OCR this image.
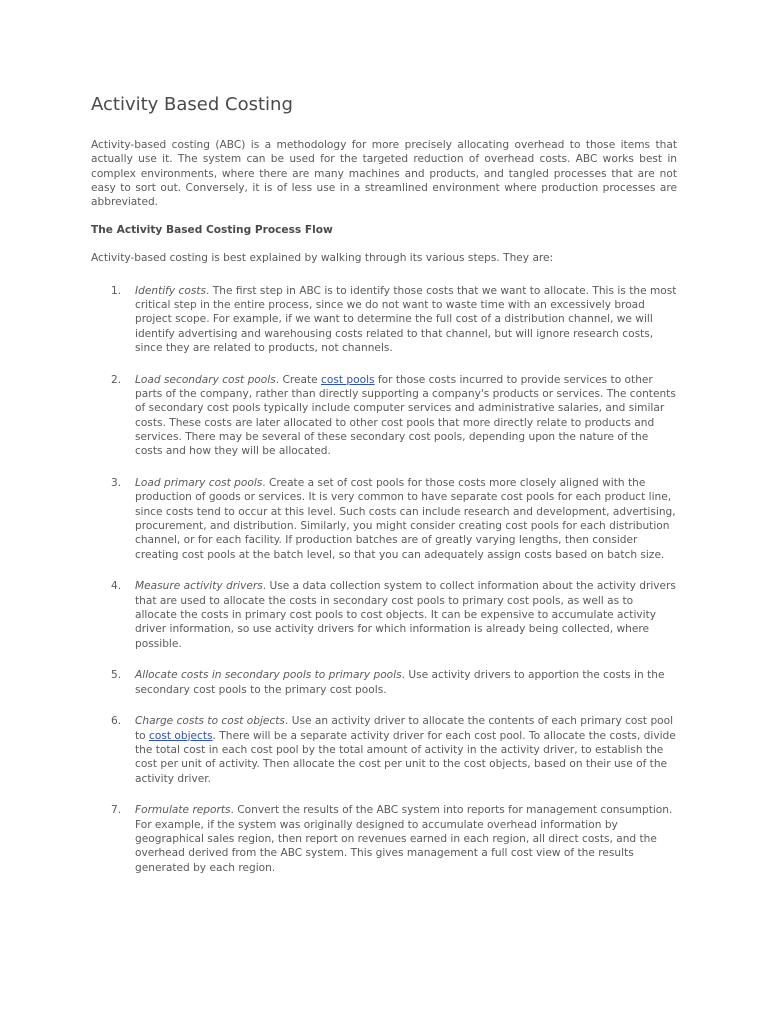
Activity Based Costing

Activity-based costing (ABC) is a methodology for more precisely allocating overhead to those items that actually use it. The system can be used for the targeted reduction of overhead costs. ABC works best in complex environments, where there are many machines and products, and tangled processes that are not easy to sort out. Conversely, it is of less use in a streamlined environment where production processes are abbreviated.

The Activity Based Costing Process Flow

Activity-based costing is best explained by walking through its various steps. They are:

1. Identify costs. The first step in ABC is to identify those costs that we want to allocate. This is the most critical step in the entire process, since we do not want to waste time with an excessively broad project scope. For example, if we want to determine the full cost of a distribution channel, we will identify advertising and warehousing costs related to that channel, but will ignore research costs, since they are related to products, not channels.
2. Load secondary cost pools. Create cost pools for those costs incurred to provide services to other parts of the company, rather than directly supporting a company's products or services. The contents of secondary cost pools typically include computer services and administrative salaries, and similar costs. These costs are later allocated to other cost pools that more directly relate to products and services. There may be several of these secondary cost pools, depending upon the nature of the costs and how they will be allocated.
3. Load primary cost pools. Create a set of cost pools for those costs more closely aligned with the production of goods or services. It is very common to have separate cost pools for each product line, since costs tend to occur at this level. Such costs can include research and development, advertising, procurement, and distribution. Similarly, you might consider creating cost pools for each distribution channel, or for each facility. If production batches are of greatly varying lengths, then consider creating cost pools at the batch level, so that you can adequately assign costs based on batch size.
4. Measure activity drivers. Use a data collection system to collect information about the activity drivers that are used to allocate the costs in secondary cost pools to primary cost pools, as well as to allocate the costs in primary cost pools to cost objects. It can be expensive to accumulate activity driver information, so use activity drivers for which information is already being collected, where possible.
5. Allocate costs in secondary pools to primary pools. Use activity drivers to apportion the costs in the secondary cost pools to the primary cost pools.
6. Charge costs to cost objects. Use an activity driver to allocate the contents of each primary cost pool to cost objects. There will be a separate activity driver for each cost pool. To allocate the costs, divide the total cost in each cost pool by the total amount of activity in the activity driver, to establish the cost per unit of activity. Then allocate the cost per unit to the cost objects, based on their use of the activity driver.
7. Formulate reports. Convert the results of the ABC system into reports for management consumption. For example, if the system was originally designed to accumulate overhead information by geographical sales region, then report on revenues earned in each region, all direct costs, and the overhead derived from the ABC system. This gives management a full cost view of the results generated by each region.
